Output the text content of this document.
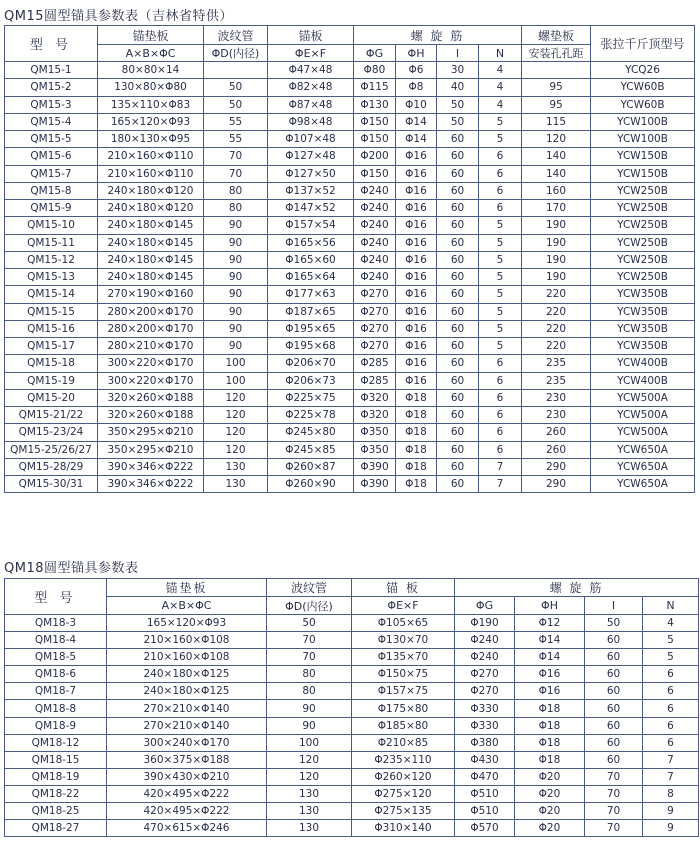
QM15圆型锚具参数表（吉林省特供）
型 号	锚垫板	波纹管	锚板	螺 旋 筋				螺垫板	张拉千斤顶型号
	A×B×ΦC	ΦD(内径)	ΦE×F	ΦG	ΦH	I	N	安装孔孔距	
QM15-1	80×80×14		Φ47×48	Φ80	Φ6	30	4		YCQ26
QM15-2	130×80×Φ80	50	Φ82×48	Φ115	Φ8	40	4	95	YCW60B
QM15-3	135×110×Φ83	50	Φ87×48	Φ130	Φ10	50	4	95	YCW60B
QM15-4	165×120×Φ93	55	Φ98×48	Φ150	Φ14	50	5	115	YCW100B
QM15-5	180×130×Φ95	55	Φ107×48	Φ150	Φ14	60	5	120	YCW100B
QM15-6	210×160×Φ110	70	Φ127×48	Φ200	Φ16	60	6	140	YCW150B
QM15-7	210×160×Φ110	70	Φ127×50	Φ150	Φ16	60	6	140	YCW150B
QM15-8	240×180×Φ120	80	Φ137×52	Φ240	Φ16	60	6	160	YCW250B
QM15-9	240×180×Φ120	80	Φ147×52	Φ240	Φ16	60	6	170	YCW250B
QM15-10	240×180×Φ145	90	Φ157×54	Φ240	Φ16	60	5	190	YCW250B
QM15-11	240×180×Φ145	90	Φ165×56	Φ240	Φ16	60	5	190	YCW250B
QM15-12	240×180×Φ145	90	Φ165×60	Φ240	Φ16	60	5	190	YCW250B
QM15-13	240×180×Φ145	90	Φ165×64	Φ240	Φ16	60	5	190	YCW250B
QM15-14	270×190×Φ160	90	Φ177×63	Φ270	Φ16	60	5	220	YCW350B
QM15-15	280×200×Φ170	90	Φ187×65	Φ270	Φ16	60	5	220	YCW350B
QM15-16	280×200×Φ170	90	Φ195×65	Φ270	Φ16	60	5	220	YCW350B
QM15-17	280×210×Φ170	90	Φ195×68	Φ270	Φ16	60	5	220	YCW350B
QM15-18	300×220×Φ170	100	Φ206×70	Φ285	Φ16	60	6	235	YCW400B
QM15-19	300×220×Φ170	100	Φ206×73	Φ285	Φ16	60	6	235	YCW400B
QM15-20	320×260×Φ188	120	Φ225×75	Φ320	Φ18	60	6	230	YCW500A
QM15-21/22	320×260×Φ188	120	Φ225×78	Φ320	Φ18	60	6	230	YCW500A
QM15-23/24	350×295×Φ210	120	Φ245×80	Φ350	Φ18	60	6	260	YCW500A
QM15-25/26/27	350×295×Φ210	120	Φ245×85	Φ350	Φ18	60	6	260	YCW650A
QM15-28/29	390×346×Φ222	130	Φ260×87	Φ390	Φ18	60	7	290	YCW650A
QM15-30/31	390×346×Φ222	130	Φ260×90	Φ390	Φ18	60	7	290	YCW650A
QM18圆型锚具参数表
型 号	锚垫板	波纹管	锚 板	螺 旋 筋			
	A×B×ΦC	ΦD(内径)	ΦE×F	ΦG	ΦH	I	N
QM18-3	165×120×Φ93	50	Φ105×65	Φ190	Φ12	50	4
QM18-4	210×160×Φ108	70	Φ130×70	Φ240	Φ14	60	5
QM18-5	210×160×Φ108	70	Φ135×70	Φ240	Φ14	60	5
QM18-6	240×180×Φ125	80	Φ150×75	Φ270	Φ16	60	6
QM18-7	240×180×Φ125	80	Φ157×75	Φ270	Φ16	60	6
QM18-8	270×210×Φ140	90	Φ175×80	Φ330	Φ18	60	6
QM18-9	270×210×Φ140	90	Φ185×80	Φ330	Φ18	60	6
QM18-12	300×240×Φ170	100	Φ210×85	Φ380	Φ18	60	6
QM18-15	360×375×Φ188	120	Φ235×110	Φ430	Φ18	60	7
QM18-19	390×430×Φ210	120	Φ260×120	Φ470	Φ20	70	7
QM18-22	420×495×Φ222	130	Φ275×120	Φ510	Φ20	70	8
QM18-25	420×495×Φ222	130	Φ275×135	Φ510	Φ20	70	9
QM18-27	470×615×Φ246	130	Φ310×140	Φ570	Φ20	70	9
